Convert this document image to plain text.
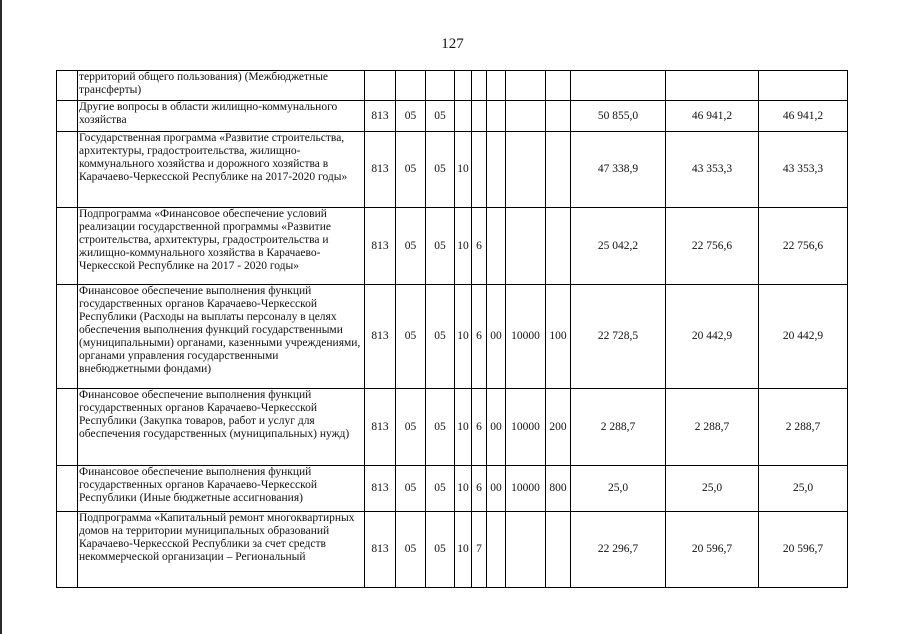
127
	территорий общего пользования) (Межбюджетные трансферты)											
	Другие вопросы в области жилищно-коммунального хозяйства	813	05	05						50 855,0	46 941,2	46 941,2
	Государственная программа «Развитие строительства, архитектуры, градостроительства, жилищно-коммунального хозяйства и дорожного хозяйства в Карачаево-Черкесской Республике на 2017-2020 годы»	813	05	05	10					47 338,9	43 353,3	43 353,3
	Подпрограмма «Финансовое обеспечение условий реализации государственной программы «Развитие строительства, архитектуры, градостроительства и жилищно-коммунального хозяйства в Карачаево-Черкесской Республике на 2017 - 2020 годы»	813	05	05	10	6				25 042,2	22 756,6	22 756,6
	Финансовое обеспечение выполнения функций государственных органов Карачаево-Черкесской Республики (Расходы на выплаты персоналу в целях обеспечения выполнения функций государственными (муниципальными) органами, казенными учреждениями, органами управления государственными внебюджетными фондами)	813	05	05	10	6	00	10000	100	22 728,5	20 442,9	20 442,9
	Финансовое обеспечение выполнения функций государственных органов Карачаево-Черкесской Республики (Закупка товаров, работ и услуг для обеспечения государственных (муниципальных) нужд)	813	05	05	10	6	00	10000	200	2 288,7	2 288,7	2 288,7
	Финансовое обеспечение выполнения функций государственных органов Карачаево-Черкесской Республики (Иные бюджетные ассигнования)	813	05	05	10	6	00	10000	800	25,0	25,0	25,0
	Подпрограмма «Капитальный ремонт многоквартирных домов на территории муниципальных образований Карачаево-Черкесской Республики за счет средств некоммерческой организации – Региональный	813	05	05	10	7				22 296,7	20 596,7	20 596,7
